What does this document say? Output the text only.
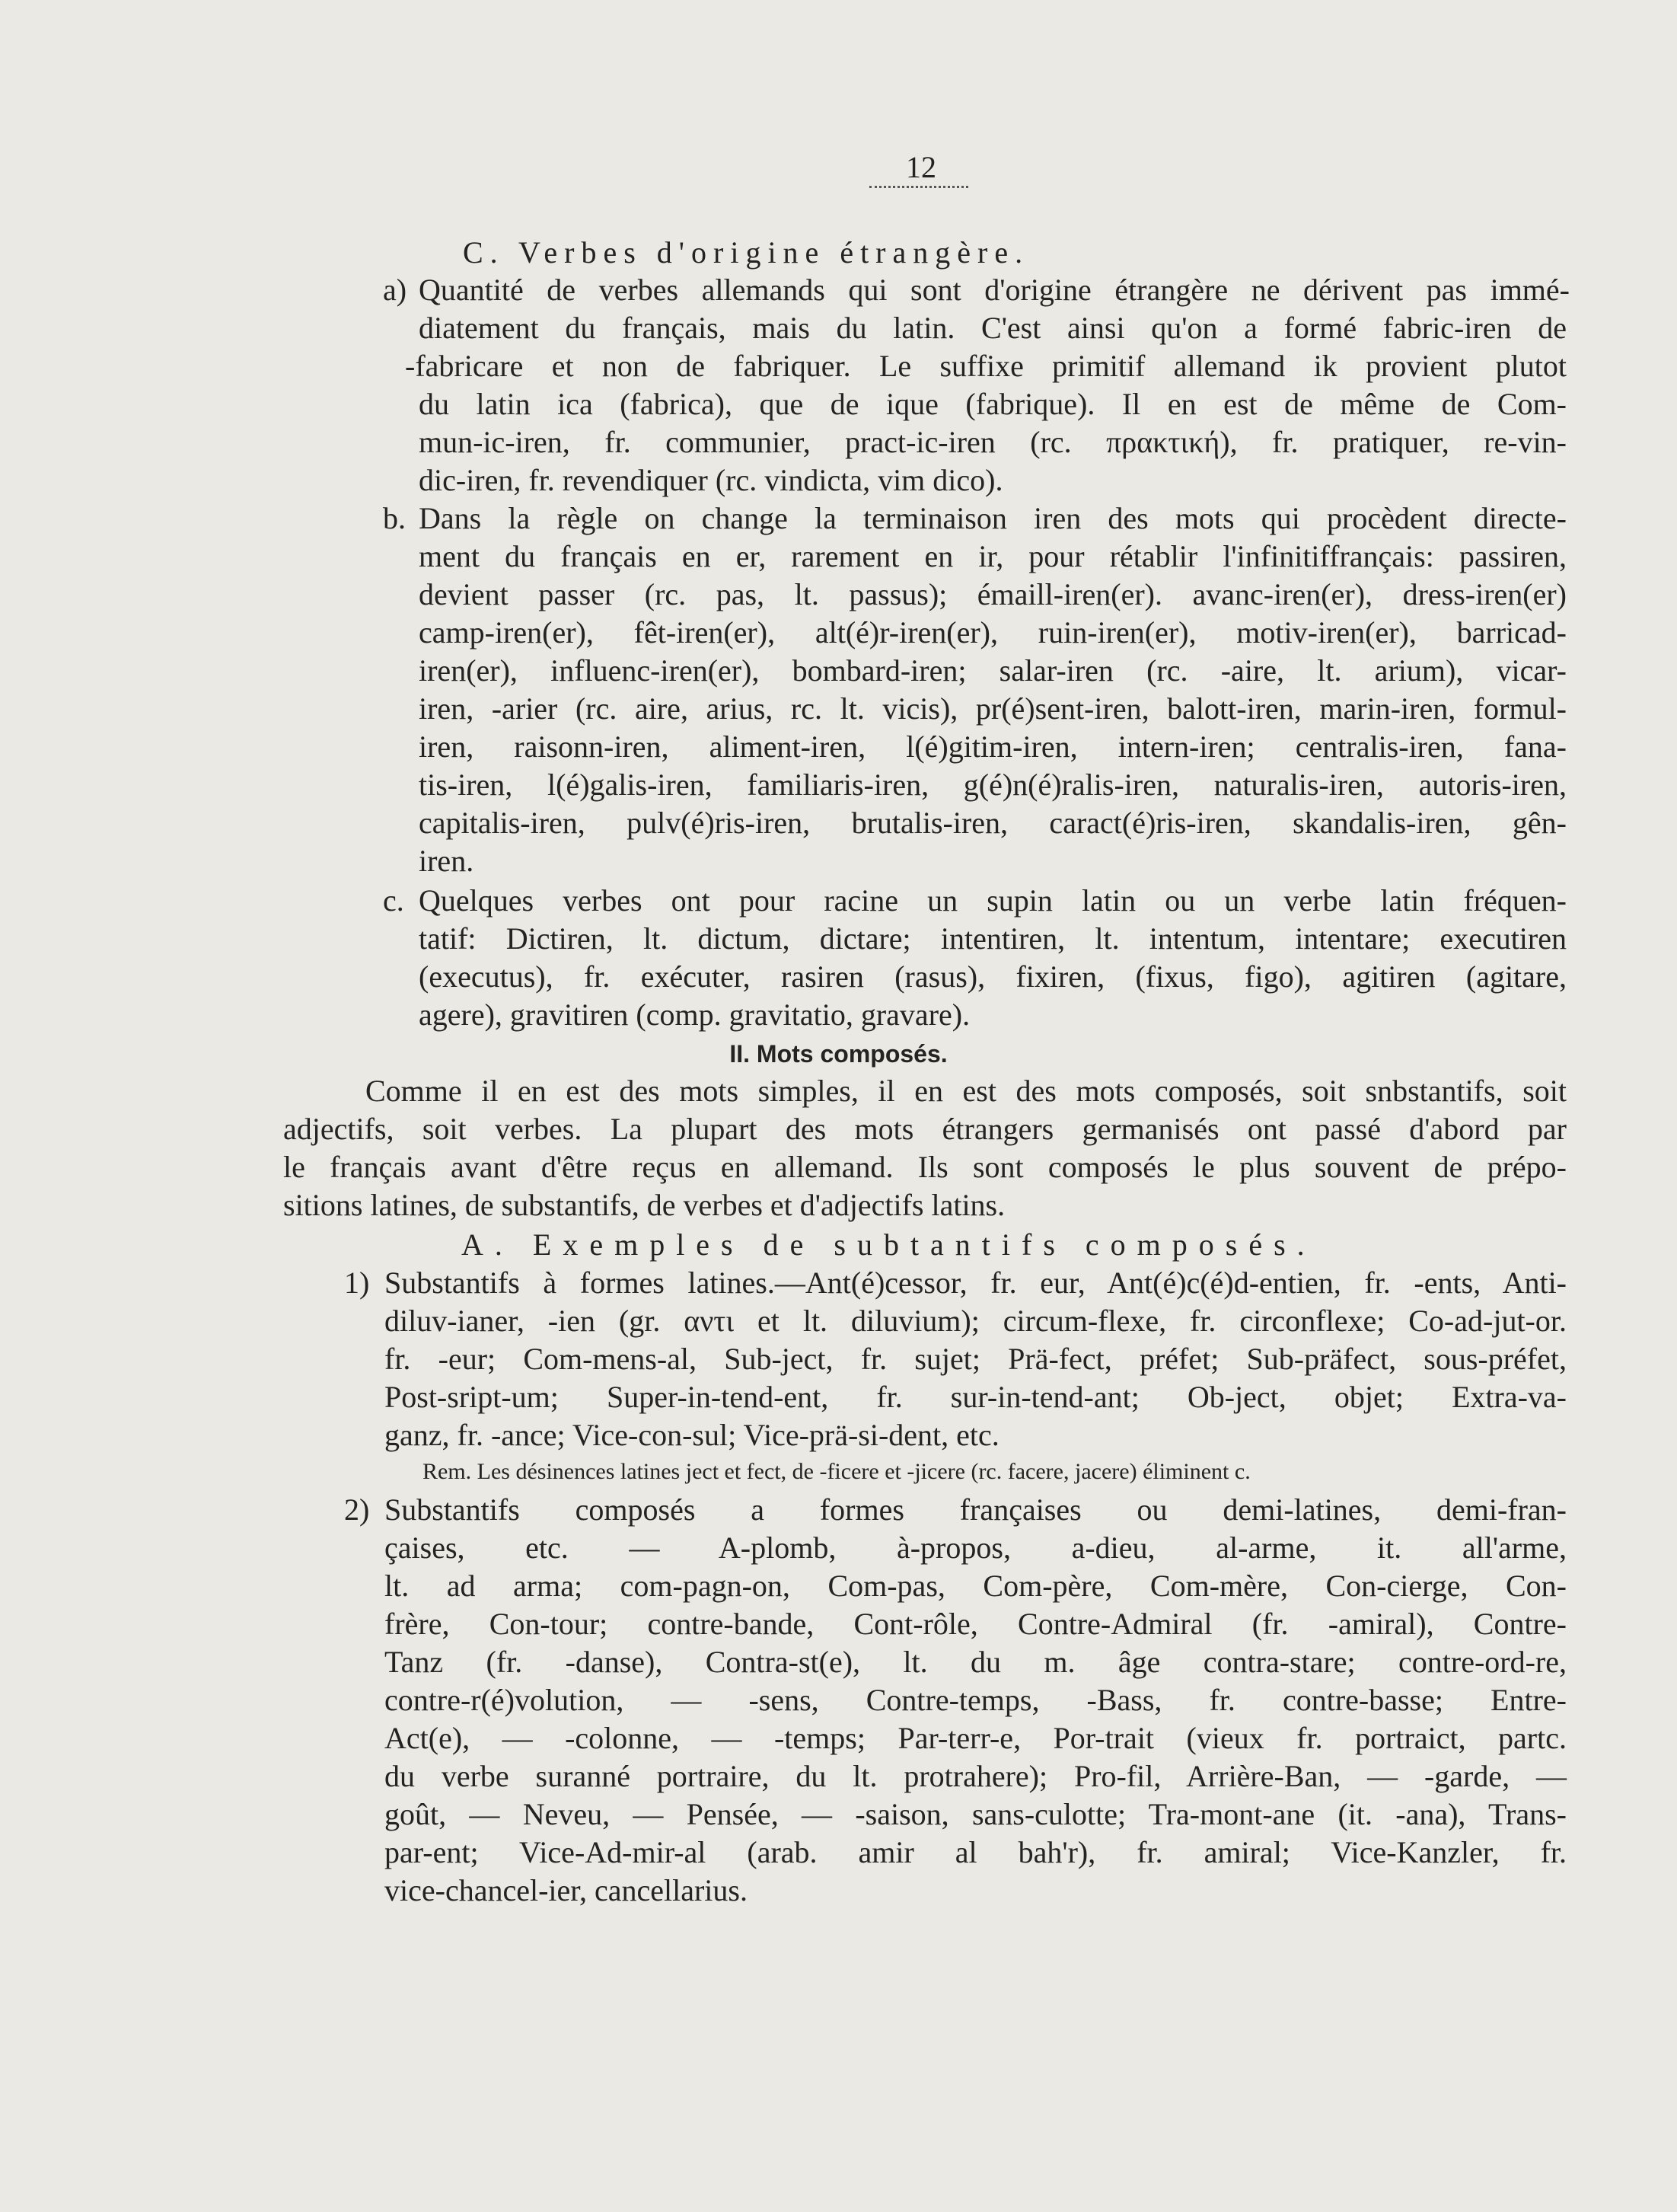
12

C. Verbes d'origine étrangère.

a) Quantité de verbes allemands qui sont d'origine étrangère ne dérivent pas immé-

diatement du français, mais du latin. C'est ainsi qu'on a formé fabric-iren de

-fabricare et non de fabriquer. Le suffixe primitif allemand ik provient plutot

du latin ica (fabrica), que de ique (fabrique). Il en est de même de Com-

mun-ic-iren, fr. communier, pract-ic-iren (rc. πρακτική), fr. pratiquer, re-vin-

dic-iren, fr. revendiquer (rc. vindicta, vim dico).

b. Dans la règle on change la terminaison iren des mots qui procèdent directe-

ment du français en er, rarement en ir, pour rétablir l'infinitiffrançais: passiren,

devient passer (rc. pas, lt. passus); émaill-iren(er). avanc-iren(er), dress-iren(er)

camp-iren(er), fêt-iren(er), alt(é)r-iren(er), ruin-iren(er), motiv-iren(er), barricad-

iren(er), influenc-iren(er), bombard-iren; salar-iren (rc. -aire, lt. arium), vicar-

iren, -arier (rc. aire, arius, rc. lt. vicis), pr(é)sent-iren, balott-iren, marin-iren, formul-

iren, raisonn-iren, aliment-iren, l(é)gitim-iren, intern-iren; centralis-iren, fana-

tis-iren, l(é)galis-iren, familiaris-iren, g(é)n(é)ralis-iren, naturalis-iren, autoris-iren,

capitalis-iren, pulv(é)ris-iren, brutalis-iren, caract(é)ris-iren, skandalis-iren, gên-

iren.

c. Quelques verbes ont pour racine un supin latin ou un verbe latin fréquen-

tatif: Dictiren, lt. dictum, dictare; intentiren, lt. intentum, intentare; executiren

(executus), fr. exécuter, rasiren (rasus), fixiren, (fixus, figo), agitiren (agitare,

agere), gravitiren (comp. gravitatio, gravare).

II. Mots composés.

Comme il en est des mots simples, il en est des mots composés, soit snbstantifs, soit

adjectifs, soit verbes. La plupart des mots étrangers germanisés ont passé d'abord par

le français avant d'être reçus en allemand. Ils sont composés le plus souvent de prépo-

sitions latines, de substantifs, de verbes et d'adjectifs latins.

A. Exemples de subtantifs composés.

1) Substantifs à formes latines.—Ant(é)cessor, fr. eur, Ant(é)c(é)d-entien, fr. -ents, Anti-

diluv-ianer, -ien (gr. αντι et lt. diluvium); circum-flexe, fr. circonflexe; Co-ad-jut-or.

fr. -eur; Com-mens-al, Sub-ject, fr. sujet; Prä-fect, préfet; Sub-präfect, sous-préfet,

Post-sript-um; Super-in-tend-ent, fr. sur-in-tend-ant; Ob-ject, objet; Extra-va-

ganz, fr. -ance; Vice-con-sul; Vice-prä-si-dent, etc.

Rem. Les désinences latines ject et fect, de -ficere et -jicere (rc. facere, jacere) éliminent c.

2) Substantifs composés a formes françaises ou demi-latines, demi-fran-

çaises, etc. — A-plomb, à-propos, a-dieu, al-arme, it. all'arme,

lt. ad arma; com-pagn-on, Com-pas, Com-père, Com-mère, Con-cierge, Con-

frère, Con-tour; contre-bande, Cont-rôle, Contre-Admiral (fr. -amiral), Contre-

Tanz (fr. -danse), Contra-st(e), lt. du m. âge contra-stare; contre-ord-re,

contre-r(é)volution, — -sens, Contre-temps, -Bass, fr. contre-basse; Entre-

Act(e), — -colonne, — -temps; Par-terr-e, Por-trait (vieux fr. portraict, partc.

du verbe suranné portraire, du lt. protrahere); Pro-fil, Arrière-Ban, — -garde, —

goût, — Neveu, — Pensée, — -saison, sans-culotte; Tra-mont-ane (it. -ana), Trans-

par-ent; Vice-Ad-mir-al (arab. amir al bah'r), fr. amiral; Vice-Kanzler, fr.

vice-chancel-ier, cancellarius.
